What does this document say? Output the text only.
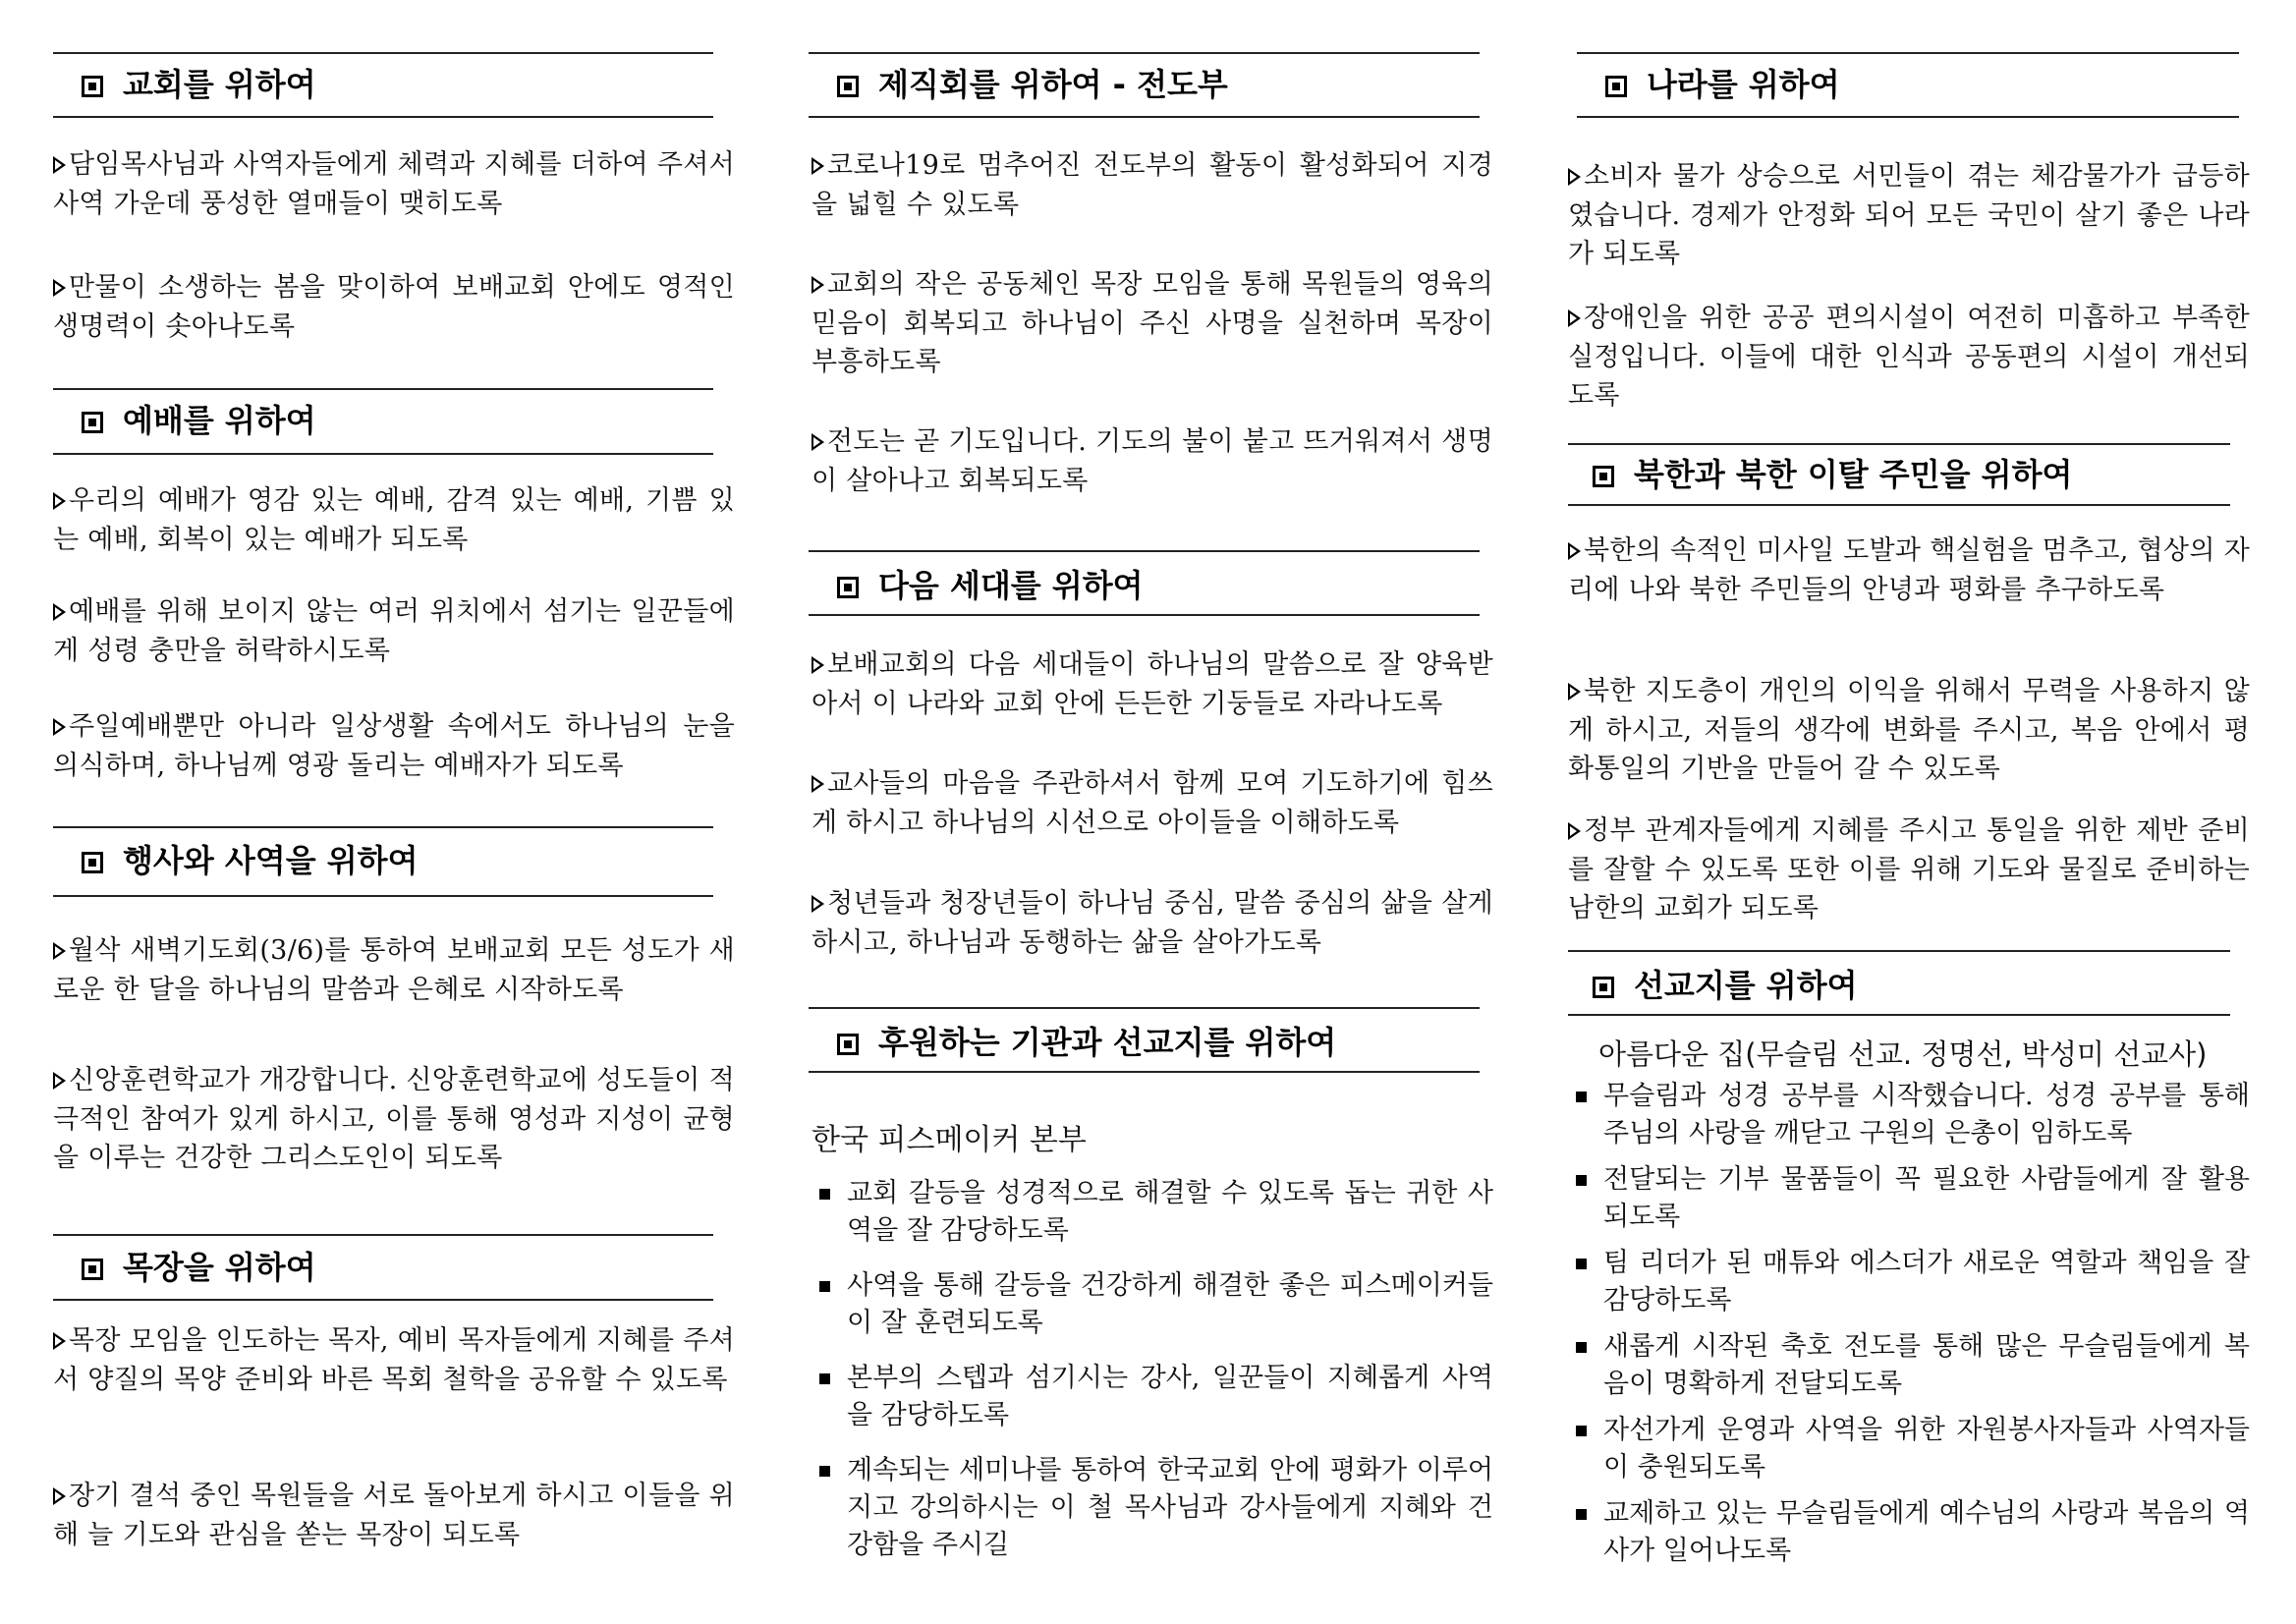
교회를 위하여
담임목사님과 사역자들에게 체력과 지혜를 더하여 주셔서 사역 가운데 풍성한 열매들이 맺히도록
만물이 소생하는 봄을 맞이하여 보배교회 안에도 영적인 생명력이 솟아나도록
예배를 위하여
우리의 예배가 영감 있는 예배, 감격 있는 예배, 기쁨 있는 예배, 회복이 있는 예배가 되도록
예배를 위해 보이지 않는 여러 위치에서 섬기는 일꾼들에게 성령 충만을 허락하시도록
주일예배뿐만 아니라 일상생활 속에서도 하나님의 눈을 의식하며, 하나님께 영광 돌리는 예배자가 되도록
행사와 사역을 위하여
월삭 새벽기도회(3/6)를 통하여 보배교회 모든 성도가 새로운 한 달을 하나님의 말씀과 은혜로 시작하도록
신앙훈련학교가 개강합니다. 신앙훈련학교에 성도들이 적극적인 참여가 있게 하시고, 이를 통해 영성과 지성이 균형을 이루는 건강한 그리스도인이 되도록
목장을 위하여
목장 모임을 인도하는 목자, 예비 목자들에게 지혜를 주셔서 양질의 목양 준비와 바른 목회 철학을 공유할 수 있도록
장기 결석 중인 목원들을 서로 돌아보게 하시고 이들을 위해 늘 기도와 관심을 쏟는 목장이 되도록
제직회를 위하여 - 전도부
코로나19로 멈추어진 전도부의 활동이 활성화되어 지경을 넓힐 수 있도록
교회의 작은 공동체인 목장 모임을 통해 목원들의 영육의 믿음이 회복되고 하나님이 주신 사명을 실천하며 목장이 부흥하도록
전도는 곧 기도입니다. 기도의 불이 붙고 뜨거워져서 생명이 살아나고 회복되도록
다음 세대를 위하여
보배교회의 다음 세대들이 하나님의 말씀으로 잘 양육받아서 이 나라와 교회 안에 든든한 기둥들로 자라나도록
교사들의 마음을 주관하셔서 함께 모여 기도하기에 힘쓰게 하시고 하나님의 시선으로 아이들을 이해하도록
청년들과 청장년들이 하나님 중심, 말씀 중심의 삶을 살게 하시고, 하나님과 동행하는 삶을 살아가도록
후원하는 기관과 선교지를 위하여
한국 피스메이커 본부
교회 갈등을 성경적으로 해결할 수 있도록 돕는 귀한 사역을 잘 감당하도록
사역을 통해 갈등을 건강하게 해결한 좋은 피스메이커들이 잘 훈련되도록
본부의 스텝과 섬기시는 강사, 일꾼들이 지혜롭게 사역을 감당하도록
계속되는 세미나를 통하여 한국교회 안에 평화가 이루어지고 강의하시는 이 철 목사님과 강사들에게 지혜와 건강함을 주시길
나라를 위하여
소비자 물가 상승으로 서민들이 겪는 체감물가가 급등하였습니다. 경제가 안정화 되어 모든 국민이 살기 좋은 나라가 되도록
장애인을 위한 공공 편의시설이 여전히 미흡하고 부족한 실정입니다. 이들에 대한 인식과 공동편의 시설이 개선되도록
북한과 북한 이탈 주민을 위하여
북한의 속적인 미사일 도발과 핵실험을 멈추고, 협상의 자리에 나와 북한 주민들의 안녕과 평화를 추구하도록
북한 지도층이 개인의 이익을 위해서 무력을 사용하지 않게 하시고, 저들의 생각에 변화를 주시고, 복음 안에서 평화통일의 기반을 만들어 갈 수 있도록
정부 관계자들에게 지혜를 주시고 통일을 위한 제반 준비를 잘할 수 있도록 또한 이를 위해 기도와 물질로 준비하는 남한의 교회가 되도록
선교지를 위하여
아름다운 집(무슬림 선교. 정명선, 박성미 선교사)
무슬림과 성경 공부를 시작했습니다. 성경 공부를 통해 주님의 사랑을 깨닫고 구원의 은총이 임하도록
전달되는 기부 물품들이 꼭 필요한 사람들에게 잘 활용되도록
팀 리더가 된 매튜와 에스더가 새로운 역할과 책임을 잘 감당하도록
새롭게 시작된 축호 전도를 통해 많은 무슬림들에게 복음이 명확하게 전달되도록
자선가게 운영과 사역을 위한 자원봉사자들과 사역자들이 충원되도록
교제하고 있는 무슬림들에게 예수님의 사랑과 복음의 역사가 일어나도록
